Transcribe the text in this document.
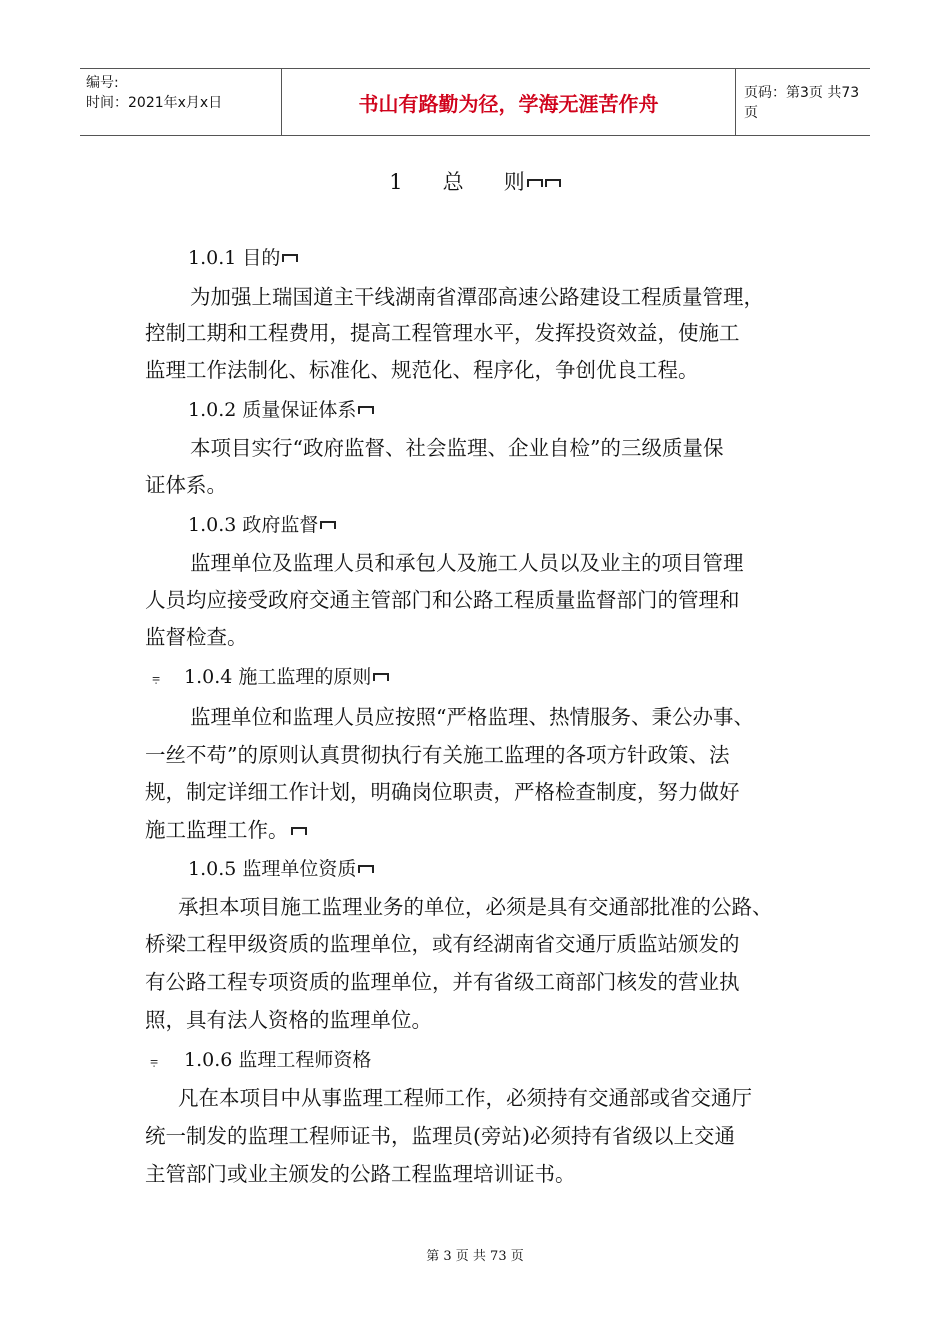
编号:
时间：2021年x月x日	书山有路勤为径，学海无涯苦作舟	页码：第3页 共73页
1      总      则
1.0.1 目的
为加强上瑞国道主干线湖南省潭邵高速公路建设工程质量管理，
控制工期和工程费用，提高工程管理水平，发挥投资效益，使施工
监理工作法制化、标准化、规范化、程序化，争创优良工程。
1.0.2 质量保证体系
本项目实行“政府监督、社会监理、企业自检”的三级质量保
证体系。
1.0.3 政府监督
监理单位及监理人员和承包人及施工人员以及业主的项目管理
人员均应接受政府交通主管部门和公路工程质量监督部门的管理和
监督检查。
⩦ 1.0.4 施工监理的原则
监理单位和监理人员应按照“严格监理、热情服务、秉公办事、
一丝不苟”的原则认真贯彻执行有关施工监理的各项方针政策、法
规，制定详细工作计划，明确岗位职责，严格检查制度，努力做好
施工监理工作。
1.0.5 监理单位资质
承担本项目施工监理业务的单位，必须是具有交通部批准的公路、
桥梁工程甲级资质的监理单位，或有经湖南省交通厅质监站颁发的
有公路工程专项资质的监理单位，并有省级工商部门核发的营业执
照，具有法人资格的监理单位。
⩦ 1.0.6 监理工程师资格
凡在本项目中从事监理工程师工作，必须持有交通部或省交通厅
统一制发的监理工程师证书，监理员(旁站)必须持有省级以上交通
主管部门或业主颁发的公路工程监理培训证书。
第 3 页 共 73 页
